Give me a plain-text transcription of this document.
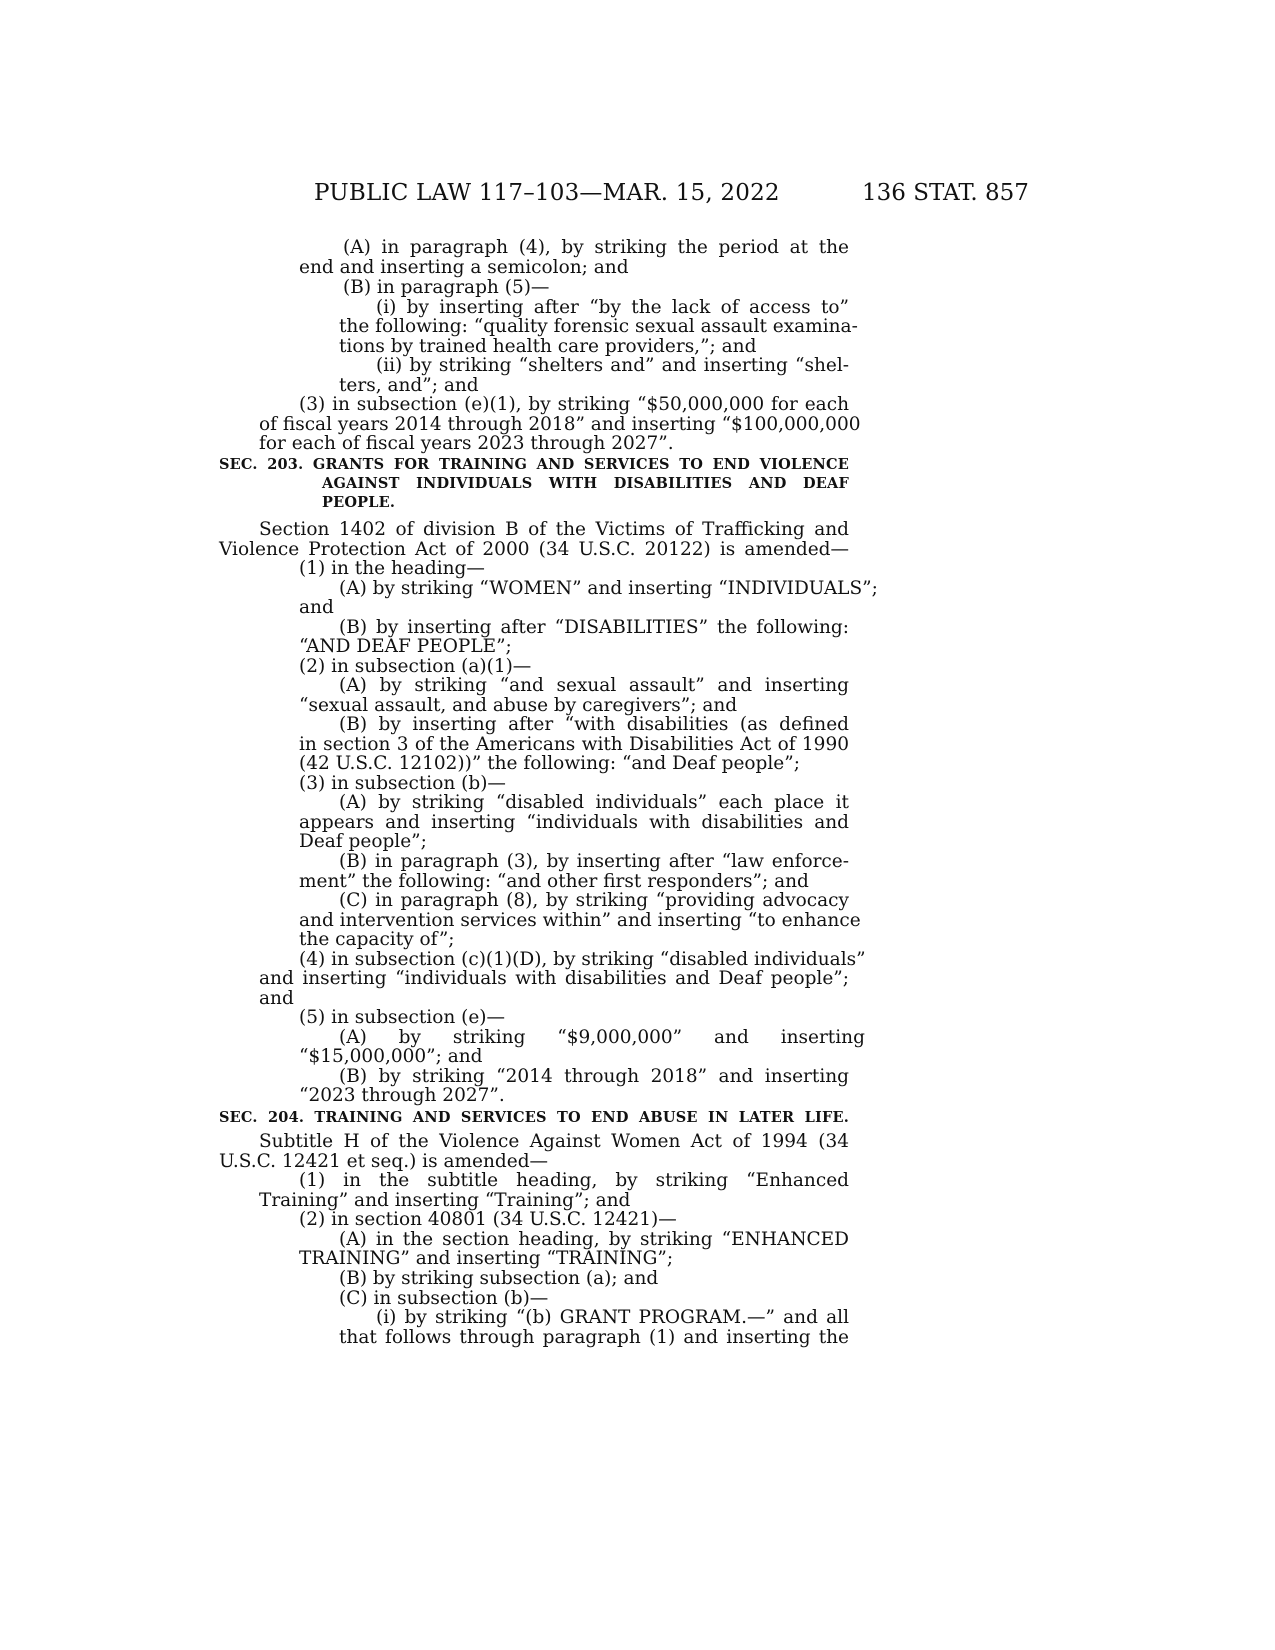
PUBLIC LAW 117–103—MAR. 15, 2022	136 STAT. 857
(A) in paragraph (4), by striking the period at the
end and inserting a semicolon; and
(B) in paragraph (5)—
(i) by inserting after “by the lack of access to”
the following: “quality forensic sexual assault examina-
tions by trained health care providers,”; and
(ii) by striking “shelters and” and inserting “shel-
ters, and”; and
(3) in subsection (e)(1), by striking “$50,000,000 for each
of fiscal years 2014 through 2018” and inserting “$100,000,000
for each of fiscal years 2023 through 2027”.
SEC. 203. GRANTS FOR TRAINING AND SERVICES TO END VIOLENCE
AGAINST INDIVIDUALS WITH DISABILITIES AND DEAF
PEOPLE.
Section 1402 of division B of the Victims of Trafficking and
Violence Protection Act of 2000 (34 U.S.C. 20122) is amended—
(1) in the heading—
(A) by striking “WOMEN” and inserting “INDIVIDUALS”;
and
(B) by inserting after “DISABILITIES” the following:
“AND DEAF PEOPLE”;
(2) in subsection (a)(1)—
(A) by striking “and sexual assault” and inserting
“sexual assault, and abuse by caregivers”; and
(B) by inserting after “with disabilities (as defined
in section 3 of the Americans with Disabilities Act of 1990
(42 U.S.C. 12102))” the following: “and Deaf people”;
(3) in subsection (b)—
(A) by striking “disabled individuals” each place it
appears and inserting “individuals with disabilities and
Deaf people”;
(B) in paragraph (3), by inserting after “law enforce-
ment” the following: “and other first responders”; and
(C) in paragraph (8), by striking “providing advocacy
and intervention services within” and inserting “to enhance
the capacity of”;
(4) in subsection (c)(1)(D), by striking “disabled individuals”
and inserting “individuals with disabilities and Deaf people”;
and
(5) in subsection (e)—
(A) by striking “$9,000,000” and inserting
“$15,000,000”; and
(B) by striking “2014 through 2018” and inserting
“2023 through 2027”.
SEC. 204. TRAINING AND SERVICES TO END ABUSE IN LATER LIFE.
Subtitle H of the Violence Against Women Act of 1994 (34
U.S.C. 12421 et seq.) is amended—
(1) in the subtitle heading, by striking “Enhanced
Training” and inserting “Training”; and
(2) in section 40801 (34 U.S.C. 12421)—
(A) in the section heading, by striking “ENHANCED
TRAINING” and inserting “TRAINING”;
(B) by striking subsection (a); and
(C) in subsection (b)—
(i) by striking “(b) GRANT PROGRAM.—” and all
that follows through paragraph (1) and inserting the
